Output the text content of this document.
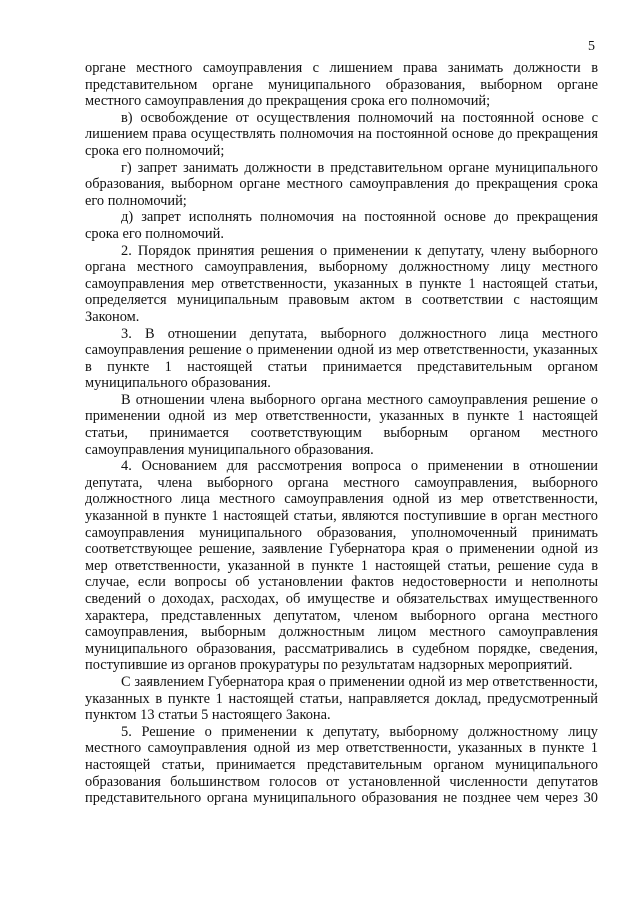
5

органе местного самоуправления с лишением права занимать должности в представительном органе муниципального образования, выборном органе местного самоуправления до прекращения срока его полномочий;

в) освобождение от осуществления полномочий на постоянной основе с лишением права осуществлять полномочия на постоянной основе до прекращения срока его полномочий;

г) запрет занимать должности в представительном органе муниципального образования, выборном органе местного самоуправления до прекращения срока его полномочий;

д) запрет исполнять полномочия на постоянной основе до прекращения срока его полномочий.

2. Порядок принятия решения о применении к депутату, члену выборного органа местного самоуправления, выборному должностному лицу местного самоуправления мер ответственности, указанных в пункте 1 настоящей статьи, определяется муниципальным правовым актом в соответствии с настоящим Законом.

3. В отношении депутата, выборного должностного лица местного самоуправления решение о применении одной из мер ответственности, указанных в пункте 1 настоящей статьи принимается представительным органом муниципального образования.

В отношении члена выборного органа местного самоуправления решение о применении одной из мер ответственности, указанных в пункте 1 настоящей статьи, принимается соответствующим выборным органом местного самоуправления муниципального образования.

4. Основанием для рассмотрения вопроса о применении в отношении депутата, члена выборного органа местного самоуправления, выборного должностного лица местного самоуправления одной из мер ответственности, указанной в пункте 1 настоящей статьи, являются поступившие в орган местного самоуправления муниципального образования, уполномоченный принимать соответствующее решение, заявление Губернатора края о применении одной из мер ответственности, указанной в пункте 1 настоящей статьи, решение суда в случае, если вопросы об установлении фактов недостоверности и неполноты сведений о доходах, расходах, об имуществе и обязательствах имущественного характера, представленных депутатом, членом выборного органа местного самоуправления, выборным должностным лицом местного самоуправления муниципального образования, рассматривались в судебном порядке, сведения, поступившие из органов прокуратуры по результатам надзорных мероприятий.

С заявлением Губернатора края о применении одной из мер ответственности, указанных в пункте 1 настоящей статьи, направляется доклад, предусмотренный пунктом 13 статьи 5 настоящего Закона.

5. Решение о применении к депутату, выборному должностному лицу местного самоуправления одной из мер ответственности, указанных в пункте 1 настоящей статьи, принимается представительным органом муниципального образования большинством голосов от установленной численности депутатов представительного органа муниципального образования не позднее чем через 30
